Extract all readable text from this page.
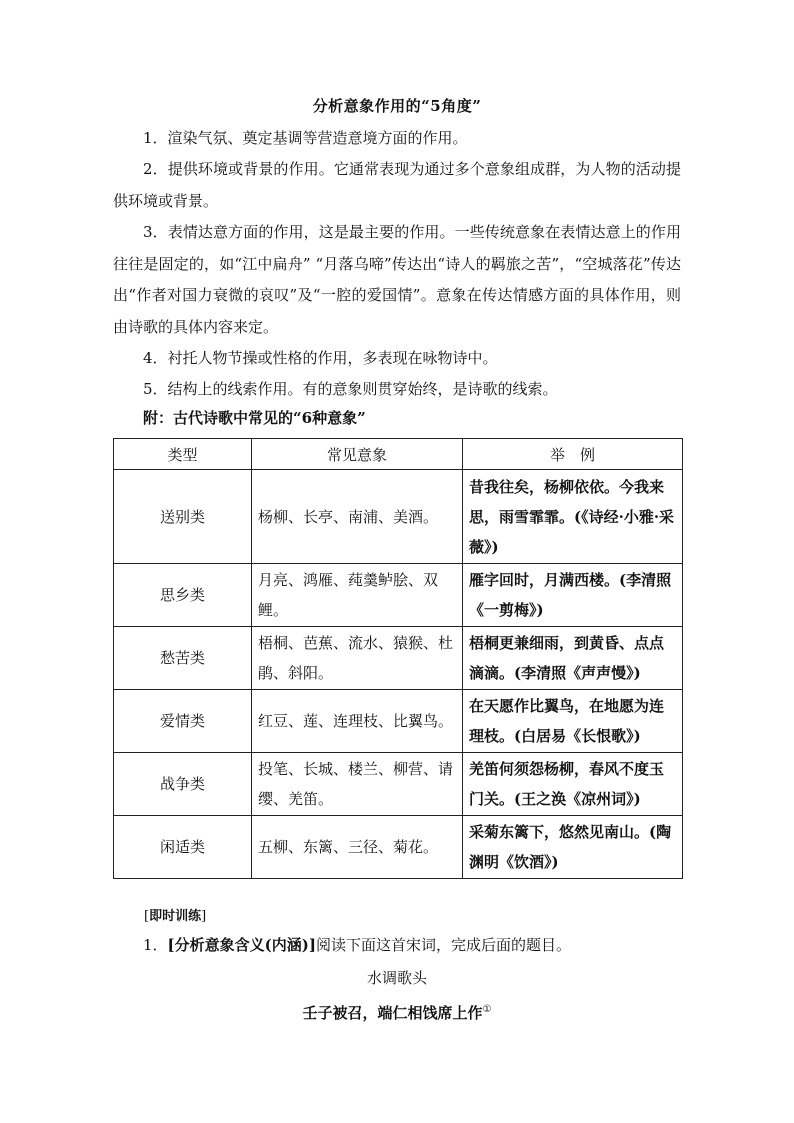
分析意象作用的“5角度”
1．渲染气氛、奠定基调等营造意境方面的作用。
2．提供环境或背景的作用。它通常表现为通过多个意象组成群，为人物的活动提供环境或背景。
3．表情达意方面的作用，这是最主要的作用。一些传统意象在表情达意上的作用往往是固定的，如“江中扁舟” “月落乌啼”传达出“诗人的羁旅之苦”，“空城落花”传达出“作者对国力衰微的哀叹”及“一腔的爱国情”。意象在传达情感方面的具体作用，则由诗歌的具体内容来定。
4．衬托人物节操或性格的作用，多表现在咏物诗中。
5．结构上的线索作用。有的意象则贯穿始终，是诗歌的线索。
附：古代诗歌中常见的“6种意象”
类型	常见意象	举　例
送别类	杨柳、长亭、南浦、美酒。	昔我往矣，杨柳依依。今我来思，雨雪霏霏。(《诗经·小雅·采薇》)
思乡类	月亮、鸿雁、莼羹鲈脍、双鲤。	雁字回时，月满西楼。(李清照《一剪梅》)
愁苦类	梧桐、芭蕉、流水、猿猴、杜鹃、斜阳。	梧桐更兼细雨，到黄昏、点点滴滴。(李清照《声声慢》)
爱情类	红豆、莲、连理枝、比翼鸟。	在天愿作比翼鸟，在地愿为连理枝。(白居易《长恨歌》)
战争类	投笔、长城、楼兰、柳营、请缨、羌笛。	羌笛何须怨杨柳，春风不度玉门关。(王之涣《凉州词》)
闲适类	五柳、东篱、三径、菊花。	采菊东篱下，悠然见南山。(陶渊明《饮酒》)
[即时训练]
1．[分析意象含义(内涵)]阅读下面这首宋词，完成后面的题目。
水调歌头
壬子被召，端仁相饯席上作①
